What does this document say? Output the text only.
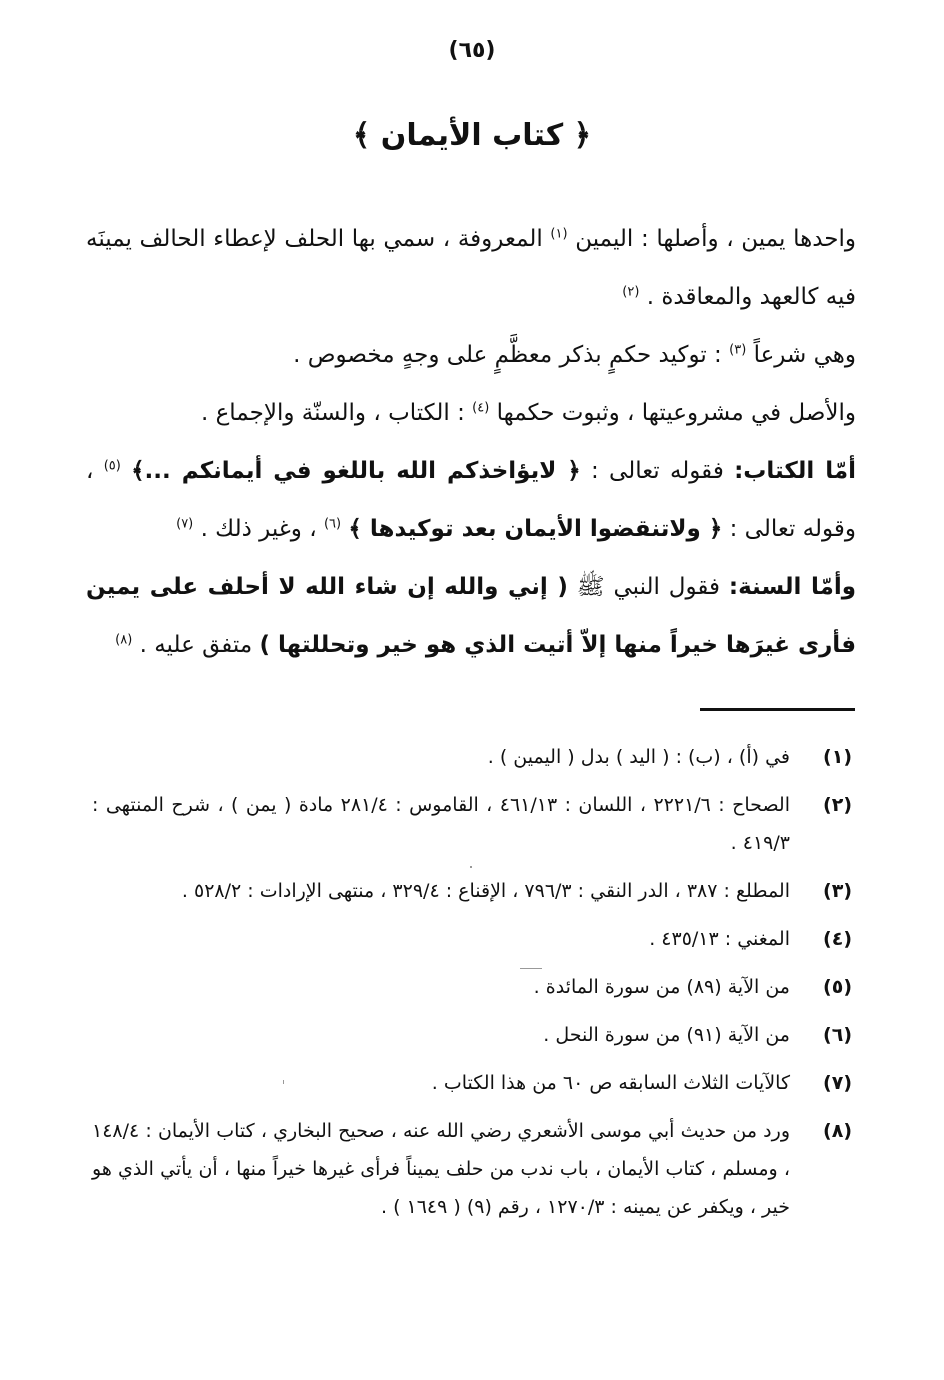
(٦٥)
﴿ كتاب الأيمان ﴾

واحدها يمين ، وأصلها : اليمين $^{(١)}$ المعروفة ، سمي بها الحلف لإعطاء الحالف يمينَه فيه كالعهد والمعاقدة . $^{(٢)}$

وهي شرعاً $^{(٣)}$ : توكيد حكمٍ بذكر معظَّمٍ على وجهٍ مخصوص .

والأصل في مشروعيتها ، وثبوت حكمها $^{(٤)}$ : الكتاب ، والسنّة والإجماع .

أمّا الكتاب: فقوله تعالى : ﴿ لايؤاخذكم الله باللغو في أيمانكم ...﴾ $^{(٥)}$ ، وقوله تعالى : ﴿ ولاتنقضوا الأيمان بعد توكيدها ﴾ $^{(٦)}$ ، وغير ذلك . $^{(٧)}$

وأمّا السنة: فقول النبي ﷺ ( إني والله إن شاء الله لا أحلف على يمين فأرى غيرَها خيراً منها إلاّ أتيت الذي هو خير وتحللتها ) متفق عليه . $^{(٨)}$

(١)
في (أ) ، (ب) : ( اليد ) بدل ( اليمين ) .
(٢)
الصحاح : ٢٢٢١/٦ ، اللسان : ٤٦١/١٣ ، القاموس : ٢٨١/٤ مادة ( يمن ) ، شرح المنتهى : ٤١٩/٣ .
(٣)
المطلع : ٣٨٧ ، الدر النقي : ٧٩٦/٣ ، الإقناع : ٣٢٩/٤ ، منتهى الإرادات : ٥٢٨/٢ .
(٤)
المغني : ٤٣٥/١٣ .
(٥)
من الآية (٨٩) من سورة المائدة .
(٦)
من الآية (٩١) من سورة النحل .
(٧)
كالآيات الثلاث السابقه ص ٦٠ من هذا الكتاب .
(٨)
ورد من حديث أبي موسى الأشعري رضي الله عنه ، صحيح البخاري ، كتاب الأيمان : ١٤٨/٤ ، ومسلم ، كتاب الأيمان ، باب ندب من حلف يميناً فرأى غيرها خيراً منها ، أن يأتي الذي هو خير ، ويكفر عن يمينه : ١٢٧٠/٣ ، رقم (٩) ( ١٦٤٩ ) .
